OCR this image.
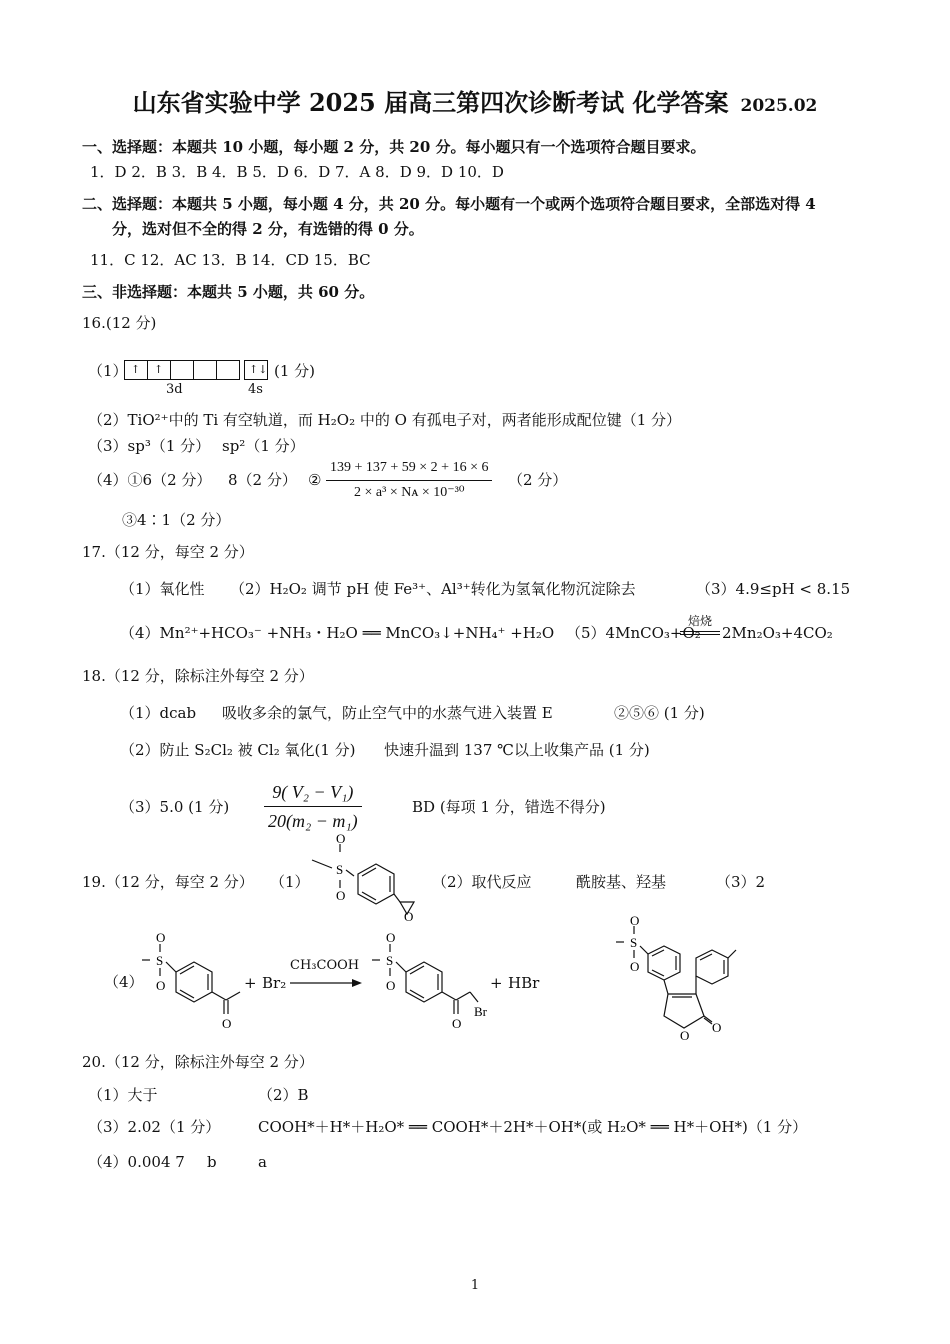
山东省实验中学 2025 届高三第四次诊断考试 化学答案 2025.02
一、选择题：本题共 10 小题，每小题 2 分，共 20 分。每小题只有一个选项符合题目要求。
1．D 2．B 3．B 4．B 5．D 6．D 7．A 8．D 9．D 10．D
二、选择题：本题共 5 小题，每小题 4 分，共 20 分。每小题有一个或两个选项符合题目要求，全部选对得 4
分，选对但不全的得 2 分，有选错的得 0 分。
11．C 12．AC 13．B 14．CD 15．BC
三、非选择题：本题共 5 小题，共 60 分。
16.(12 分)
（1） ↑ ↑
3d
↑↓
4s
(1 分)
（2）TiO²⁺中的 Ti 有空轨道，而 H₂O₂ 中的 O 有孤电子对，两者能形成配位键（1 分）
（3）sp³（1 分） sp²（1 分）
（4）①6（2 分） 8（2 分） ② $\frac{139 + 137 + 59 \times 2 + 16 \times 6}{\text{2 × a³ × Nᴀ × 10⁻³⁰}} (2$ 分）
③4∶1（2 分）
17.（12 分，每空 2 分）
（1）氧化性 （2）H₂O₂ 调节 pH 使 Fe³⁺、Al³⁺转化为氢氧化物沉淀除去	（3）4.9≤pH < 8.15
（4）Mn²⁺+HCO₃⁻ +NH₃・H₂O ══ MnCO₃↓+NH₄⁺ +H₂O （5）4MnCO₃+O₂
焙烧
2Mn₂O₃+4CO₂
18.（12 分，除标注外每空 2 分）
（1）dcab 吸收多余的氯气，防止空气中的水蒸气进入装置 E	②⑤⑥ (1 分)
（2）防止 S₂Cl₂ 被 Cl₂ 氧化(1 分) 快速升温到 137 ℃以上收集产品 (1 分)
（3）5.0 (1 分) $\frac{\text{9( V₂ − V₁)}}{\text{20(m₂ − m₁)}}$	BD (每项 1 分，错选不得分)
19.（12 分，每空 2 分） （1）
S
O
O
O
（2）取代反应	酰胺基、羟基	（3）2
（4）
S
O
O
O
+ Br₂
CH₃COOH S
O
O
O
Br
+ HBr
S
O
O
O
O
20.（12 分，除标注外每空 2 分）
（1）大于	（2）B
（3）2.02（1 分）	COOH*＋H*＋H₂O* ══ COOH*＋2H*＋OH*(或 H₂O* ══ H*＋OH*)（1 分）
（4）0.004 7 b	a
1
